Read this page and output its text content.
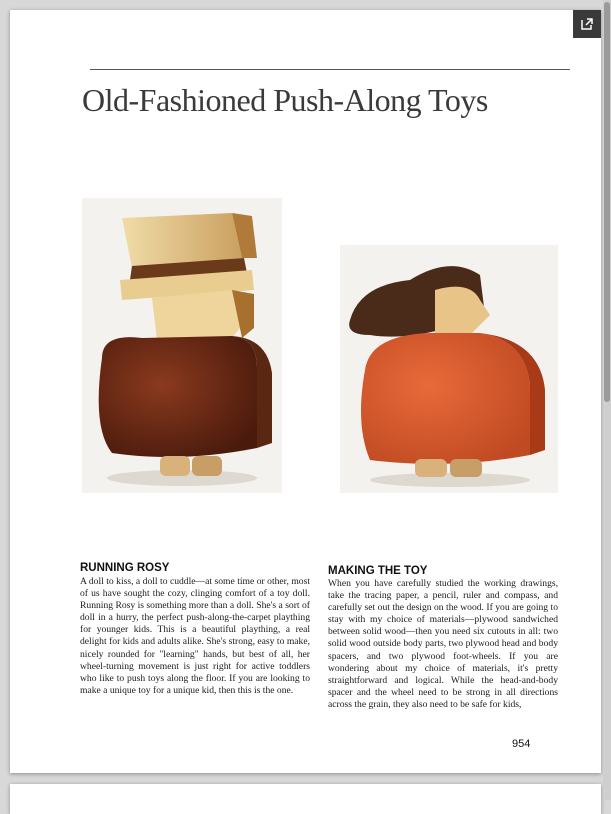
Old-Fashioned Push-Along Toys
RUNNING ROSY
A doll to kiss, a doll to cuddle—at some time or other, most of us have sought the cozy, clinging comfort of a toy doll. Running Rosy is something more than a doll. She's a sort of doll in a hurry, the perfect push-along-the-carpet plaything for younger kids. This is a beautiful plaything, a real delight for kids and adults alike. She's strong, easy to make, nicely rounded for "learning" hands, but best of all, her wheel-turning movement is just right for active toddlers who like to push toys along the floor. If you are looking to make a unique toy for a unique kid, then this is the one.
MAKING THE TOY
When you have carefully studied the working drawings, take the tracing paper, a pencil, ruler and compass, and carefully set out the design on the wood. If you are going to stay with my choice of materials—plywood sandwiched between solid wood—then you need six cutouts in all: two solid wood outside body parts, two plywood head and body spacers, and two plywood foot-wheels. If you are wondering about my choice of materials, it's pretty straightforward and logical. While the head-and-body spacer and the wheel need to be strong in all directions across the grain, they also need to be safe for kids,
954
